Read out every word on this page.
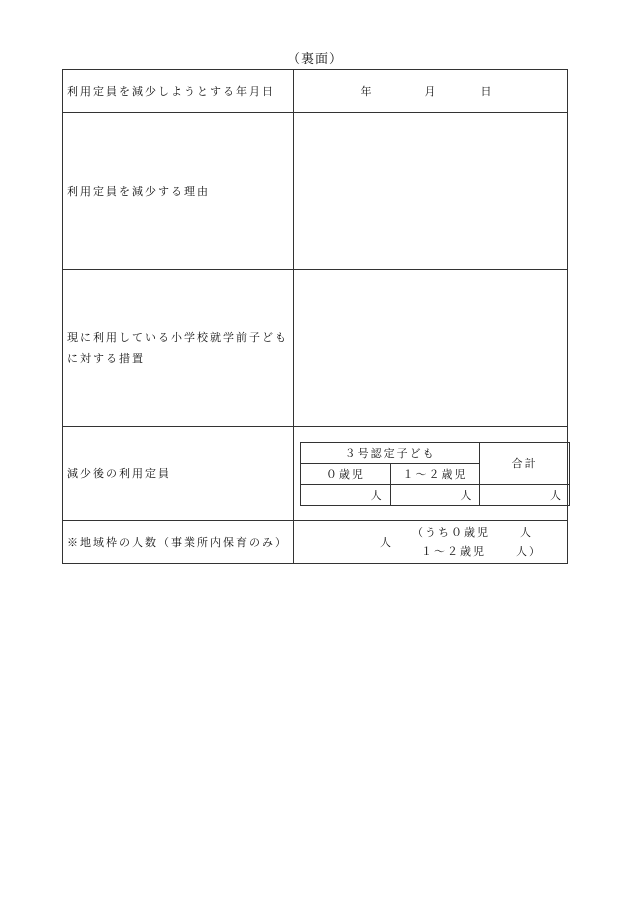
（裏面）
利用定員を減少しようとする年月日	年	月	日
利用定員を減少する理由	
現に利用している小学校就学前子どもに対する措置	
減少後の利用定員	
３号認定子ども	合計
０歳児	１～２歳児
人	人	人

※地域枠の人数（事業所内保育のみ）	人
（うち０歳児	人
１～２歳児	人）
